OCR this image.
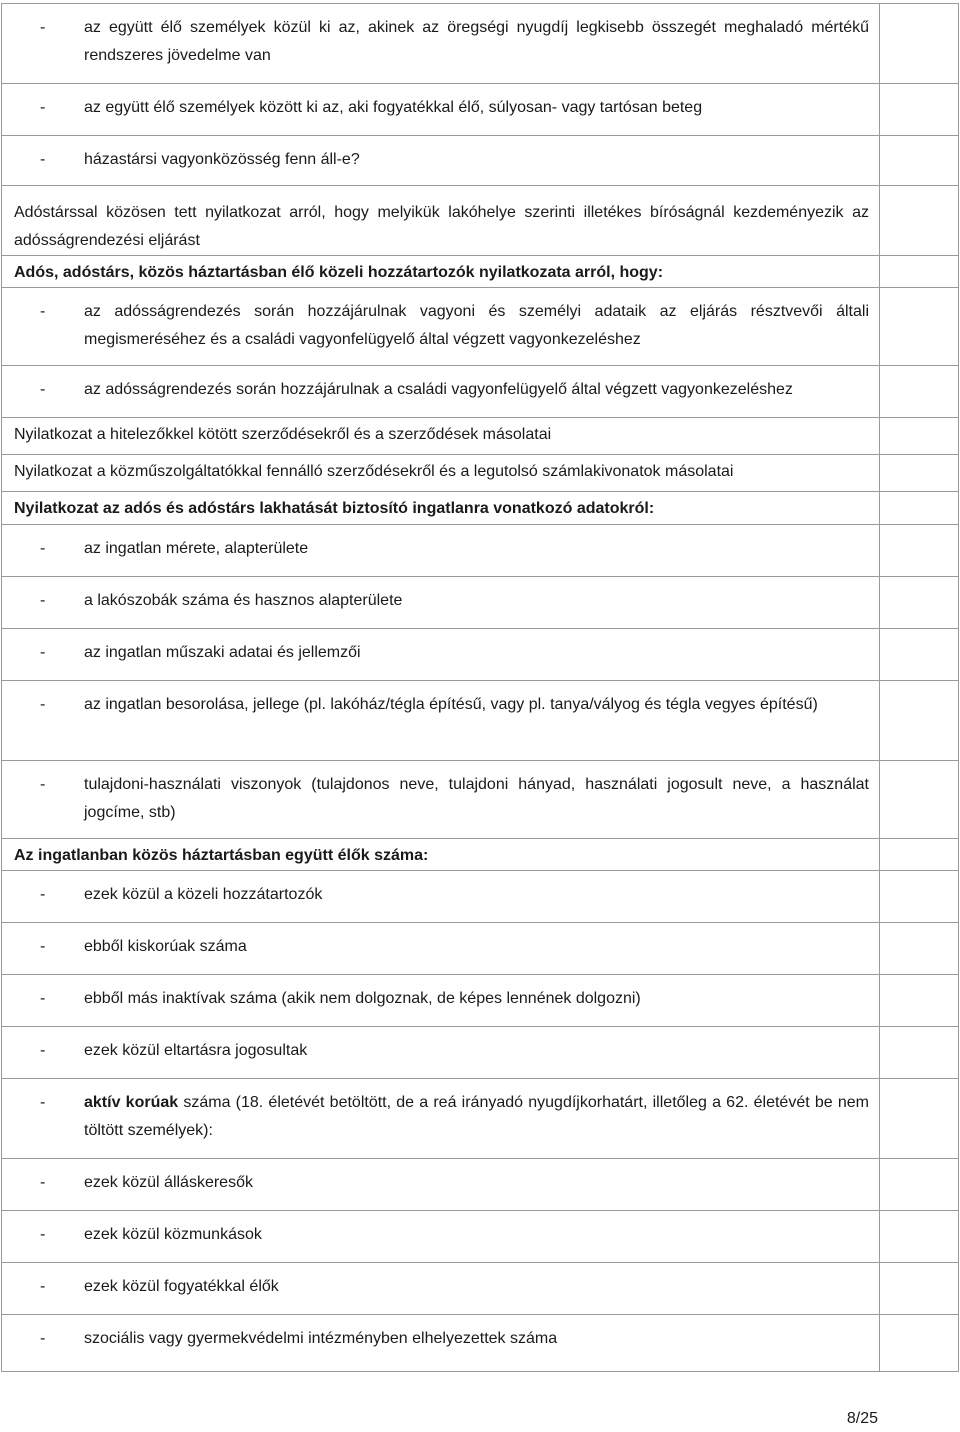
- az együtt élő személyek közül ki az, akinek az öregségi nyugdíj legkisebb összegét meghaladó mértékű rendszeres jövedelme van	

- az együtt élő személyek között ki az, aki fogyatékkal élő, súlyosan- vagy tartósan beteg	

- házastársi vagyonközösség fenn áll-e?	

Adóstárssal közösen tett nyilatkozat arról, hogy melyikük lakóhelye szerinti illetékes bíróságnál kezdeményezik az adósságrendezési eljárást	

Adós, adóstárs, közös háztartásban élő közeli hozzátartozók nyilatkozata arról, hogy:	

- az adósságrendezés során hozzájárulnak vagyoni és személyi adataik az eljárás résztvevői általi megismeréséhez és a családi vagyonfelügyelő által végzett vagyonkezeléshez	

- az adósságrendezés során hozzájárulnak a családi vagyonfelügyelő által végzett vagyonkezeléshez	

Nyilatkozat a hitelezőkkel kötött szerződésekről és a szerződések másolatai	

Nyilatkozat a közműszolgáltatókkal fennálló szerződésekről és a legutolsó számlakivonatok másolatai	

Nyilatkozat az adós és adóstárs lakhatását biztosító ingatlanra vonatkozó adatokról:	

- az ingatlan mérete, alapterülete	

- a lakószobák száma és hasznos alapterülete	

- az ingatlan műszaki adatai és jellemzői	

- az ingatlan besorolása, jellege (pl. lakóház/tégla építésű, vagy pl. tanya/vályog és tégla vegyes építésű)	

- tulajdoni-használati viszonyok (tulajdonos neve, tulajdoni hányad, használati jogosult neve, a használat jogcíme, stb)	

Az ingatlanban közös háztartásban együtt élők száma:	

- ezek közül a közeli hozzátartozók	

- ebből kiskorúak száma	

- ebből más inaktívak száma (akik nem dolgoznak, de képes lennének dolgozni)	

- ezek közül eltartásra jogosultak	

- aktív korúak száma (18. életévét betöltött, de a reá irányadó nyugdíjkorhatárt, illetőleg a 62. életévét be nem töltött személyek):	

- ezek közül álláskeresők	

- ezek közül közmunkások	

- ezek közül fogyatékkal élők	

- szociális vagy gyermekvédelmi intézményben elhelyezettek száma	

8/25
